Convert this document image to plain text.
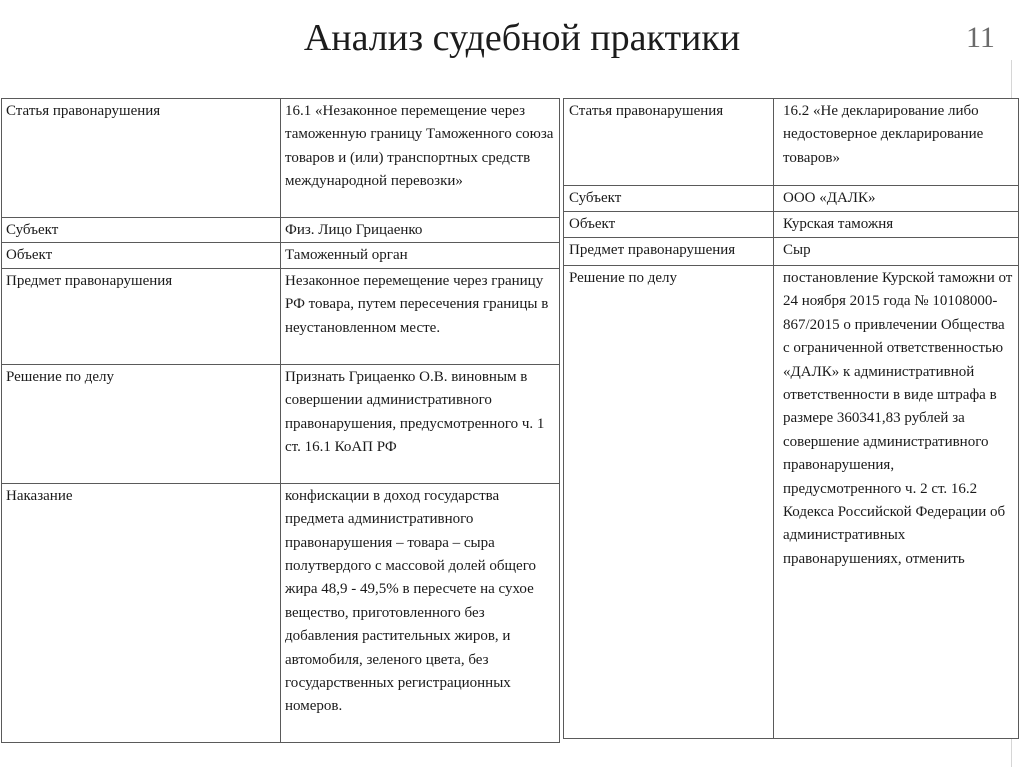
Анализ судебной практики	11
Статья правонарушения	16.1 «Незаконное перемещение через таможенную границу Таможенного союза товаров и (или) транспортных средств международной перевозки»
Субъект	Физ. Лицо Грицаенко
Объект	Таможенный орган
Предмет правонарушения	Незаконное перемещение через границу РФ товара, путем пересечения границы в неустановленном месте.
Решение по делу	Признать Грицаенко О.В. виновным в совершении административного правонарушения, предусмотренного ч. 1 ст. 16.1 КоАП РФ
Наказание	конфискации в доход государства предмета административного правонарушения – товара – сыра полутвердого с массовой долей общего жира 48,9 - 49,5% в пересчете на сухое вещество, приготовленного без добавления растительных жиров, и автомобиля, зеленого цвета, без государственных регистрационных номеров.
Статья правонарушения	16.2 «Не декларирование либо недостоверное декларирование товаров»
Субъект	ООО «ДАЛК»
Объект	Курская таможня
Предмет правонарушения	Сыр
Решение по делу	постановление Курской таможни от 24 ноября 2015 года № 10108000-867/2015 о привлечении Общества с ограниченной ответственностью «ДАЛК» к административной ответственности в виде штрафа в размере 360341,83 рублей за совершение административного правонарушения, предусмотренного ч. 2 ст. 16.2 Кодекса Российской Федерации об административных правонарушениях, отменить
